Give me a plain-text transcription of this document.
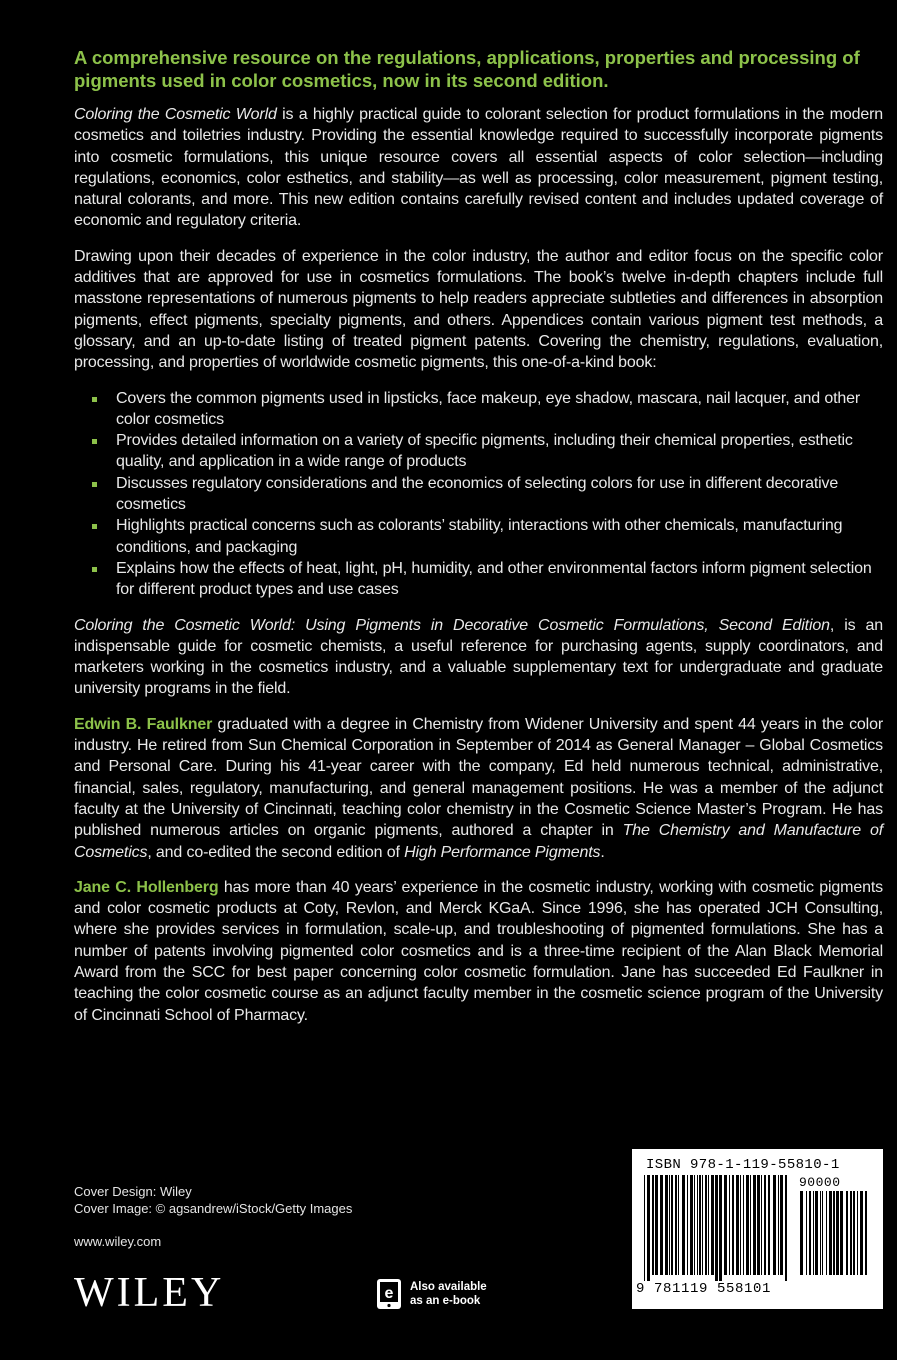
A comprehensive resource on the regulations, applications, properties and processing of pigments used in color cosmetics, now in its second edition.

Coloring the Cosmetic World is a highly practical guide to colorant selection for product formulations in the modern cosmetics and toiletries industry. Providing the essential knowledge required to successfully incorporate pigments into cosmetic formulations, this unique resource covers all essential aspects of color selection—including regulations, economics, color esthetics, and stability—as well as processing, color measurement, pigment testing, natural colorants, and more. This new edition contains carefully revised content and includes updated coverage of economic and regulatory criteria.

Drawing upon their decades of experience in the color industry, the author and editor focus on the specific color additives that are approved for use in cosmetics formulations. The book’s twelve in-depth chapters include full masstone representations of numerous pigments to help readers appreciate subtleties and differences in absorption pigments, effect pigments, specialty pigments, and others. Appendices contain various pigment test methods, a glossary, and an up-to-date listing of treated pigment patents. Covering the chemistry, regulations, evaluation, processing, and properties of worldwide cosmetic pigments, this one-of-a-kind book:

Covers the common pigments used in lipsticks, face makeup, eye shadow, mascara, nail lacquer, and other color cosmetics
Provides detailed information on a variety of specific pigments, including their chemical properties, esthetic quality, and application in a wide range of products
Discusses regulatory considerations and the economics of selecting colors for use in different decorative cosmetics
Highlights practical concerns such as colorants’ stability, interactions with other chemicals, manufacturing conditions, and packaging
Explains how the effects of heat, light, pH, humidity, and other environmental factors inform pigment selection for different product types and use cases

Coloring the Cosmetic World: Using Pigments in Decorative Cosmetic Formulations, Second Edition, is an indispensable guide for cosmetic chemists, a useful reference for purchasing agents, supply coordinators, and marketers working in the cosmetics industry, and a valuable supplementary text for undergraduate and graduate university programs in the field.

Edwin B. Faulkner graduated with a degree in Chemistry from Widener University and spent 44 years in the color industry. He retired from Sun Chemical Corporation in September of 2014 as General Manager – Global Cosmetics and Personal Care. During his 41-year career with the company, Ed held numerous technical, administrative, financial, sales, regulatory, manufacturing, and general management positions. He was a member of the adjunct faculty at the University of Cincinnati, teaching color chemistry in the Cosmetic Science Master’s Program. He has published numerous articles on organic pigments, authored a chapter in The Chemistry and Manufacture of Cosmetics, and co-edited the second edition of High Performance Pigments.

Jane C. Hollenberg has more than 40 years’ experience in the cosmetic industry, working with cosmetic pigments and color cosmetic products at Coty, Revlon, and Merck KGaA. Since 1996, she has operated JCH Consulting, where she provides services in formulation, scale-up, and troubleshooting of pigmented formulations. She has a number of patents involving pigmented color cosmetics and is a three-time recipient of the Alan Black Memorial Award from the SCC for best paper concerning color cosmetic formulation. Jane has succeeded Ed Faulkner in teaching the color cosmetic course as an adjunct faculty member in the cosmetic science program of the University of Cincinnati School of Pharmacy.

Cover Design: Wiley
Cover Image: © agsandrew/iStock/Getty Images
www.wiley.com
WILEY	e Also available
as an e-book
ISBN 978-1-119-55810-1
90000
9 781119 558101
